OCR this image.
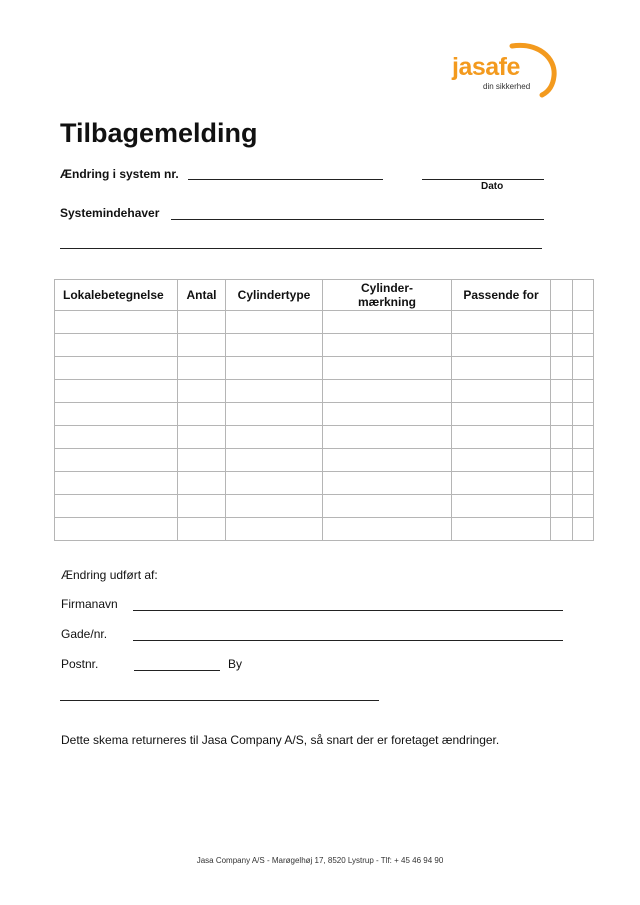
jasafe
din sikkerhed
Tilbagemelding
Ændring i system nr.
Dato
Systemindehaver
Lokalebetegnelse	Antal	Cylindertype	Cylinder-
mærkning	Passende for		

Ændring udført af:
Firmanavn
Gade/nr.
Postnr.	By
Dette skema returneres til Jasa Company A/S, så snart der er foretaget ændringer.
Jasa Company A/S - Marøgelhøj 17, 8520 Lystrup - Tlf: + 45 46 94 90
